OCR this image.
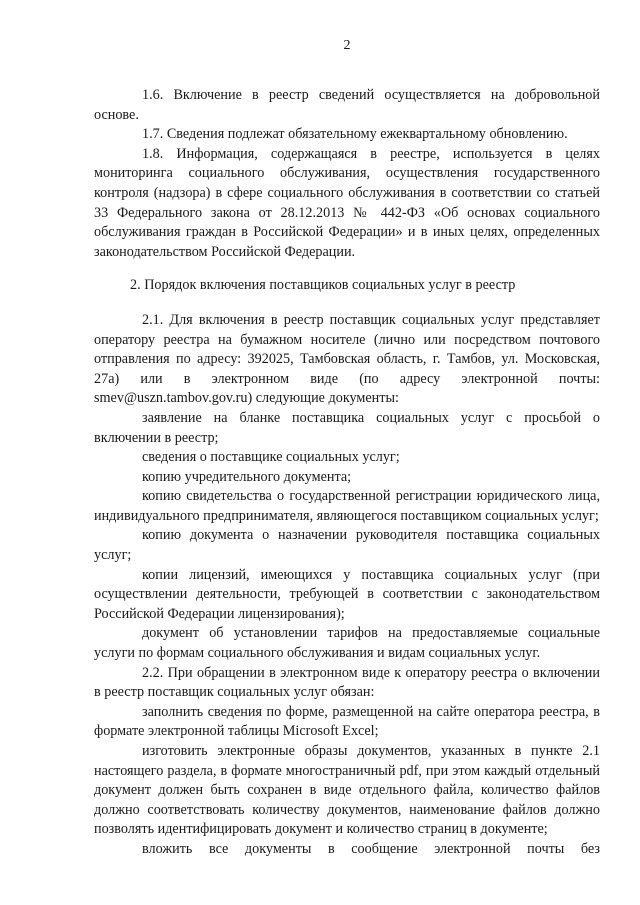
2

1.6. Включение в реестр сведений осуществляется на добровольной основе.

1.7. Сведения подлежат обязательному ежеквартальному обновлению.

1.8. Информация, содержащаяся в реестре, используется в целях мониторинга социального обслуживания, осуществления государственного контроля (надзора) в сфере социального обслуживания в соответствии со статьей 33 Федерального закона от 28.12.2013 № 442-ФЗ «Об основах социального обслуживания граждан в Российской Федерации» и в иных целях, определенных законодательством Российской Федерации.

2. Порядок включения поставщиков социальных услуг в реестр

2.1. Для включения в реестр поставщик социальных услуг представляет оператору реестра на бумажном носителе (лично или посредством почтового отправления по адресу: 392025, Тамбовская область, г. Тамбов, ул. Московская, 27а) или в электронном виде (по адресу электронной почты: smev@uszn.tambov.gov.ru) следующие документы:

заявление на бланке поставщика социальных услуг с просьбой о включении в реестр;

сведения о поставщике социальных услуг;

копию учредительного документа;

копию свидетельства о государственной регистрации юридического лица, индивидуального предпринимателя, являющегося поставщиком социальных услуг;

копию документа о назначении руководителя поставщика социальных услуг;

копии лицензий, имеющихся у поставщика социальных услуг (при осуществлении деятельности, требующей в соответствии с законодательством Российской Федерации лицензирования);

документ об установлении тарифов на предоставляемые социальные услуги по формам социального обслуживания и видам социальных услуг.

2.2. При обращении в электронном виде к оператору реестра о включении в реестр поставщик социальных услуг обязан:

заполнить сведения по форме, размещенной на сайте оператора реестра, в формате электронной таблицы Microsoft Excel;

изготовить электронные образы документов, указанных в пункте 2.1 настоящего раздела, в формате многостраничный pdf, при этом каждый отдельный документ должен быть сохранен в виде отдельного файла, количество файлов должно соответствовать количеству документов, наименование файлов должно позволять идентифицировать документ и количество страниц в документе;

вложить все документы в сообщение электронной почты без
